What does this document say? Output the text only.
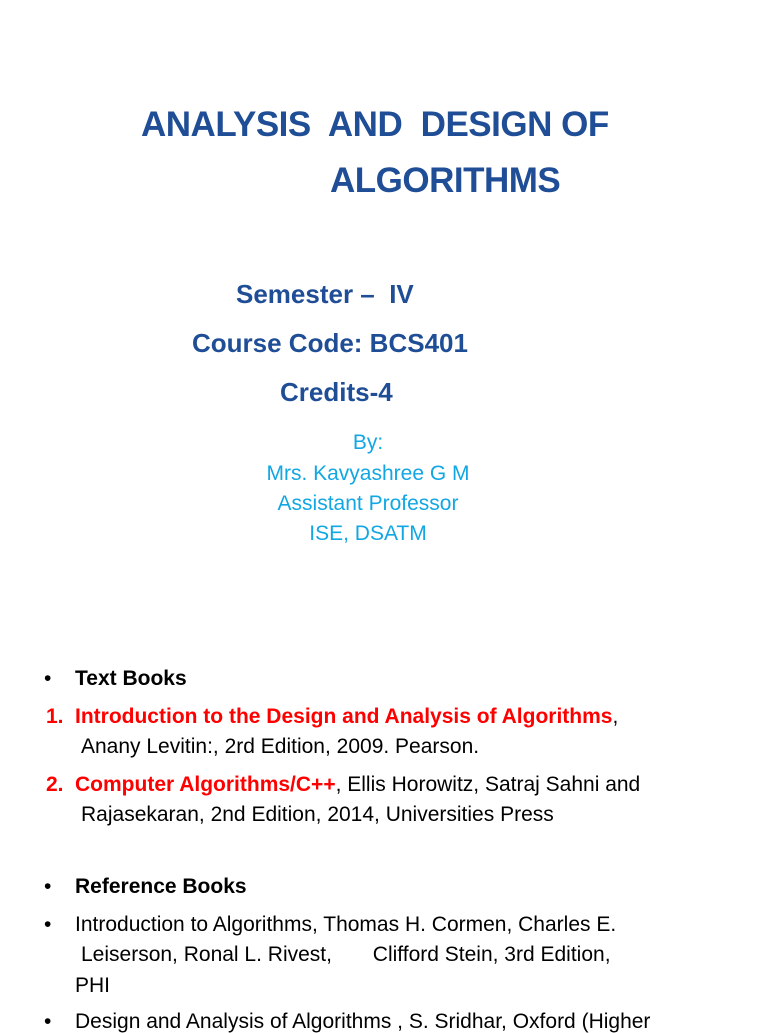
ANALYSIS  AND  DESIGN OF
ALGORITHMS

Semester –  IV

Course Code: BCS401

Credits-4

By:

Mrs. Kavyashree G M

Assistant Professor

ISE, DSATM

• Text Books
1. Introduction to the Design and Analysis of Algorithms,

Anany Levitin:, 2rd Edition, 2009. Pearson.

2. Computer Algorithms/C++, Ellis Horowitz, Satraj Sahni and

Rajasekaran, 2nd Edition, 2014, Universities Press

• Reference Books
• Introduction to Algorithms, Thomas H. Cormen, Charles E.

Leiserson, Ronal L. Rivest,       Clifford Stein, 3rd Edition,

PHI

• Design and Analysis of Algorithms , S. Sridhar, Oxford (Higher
